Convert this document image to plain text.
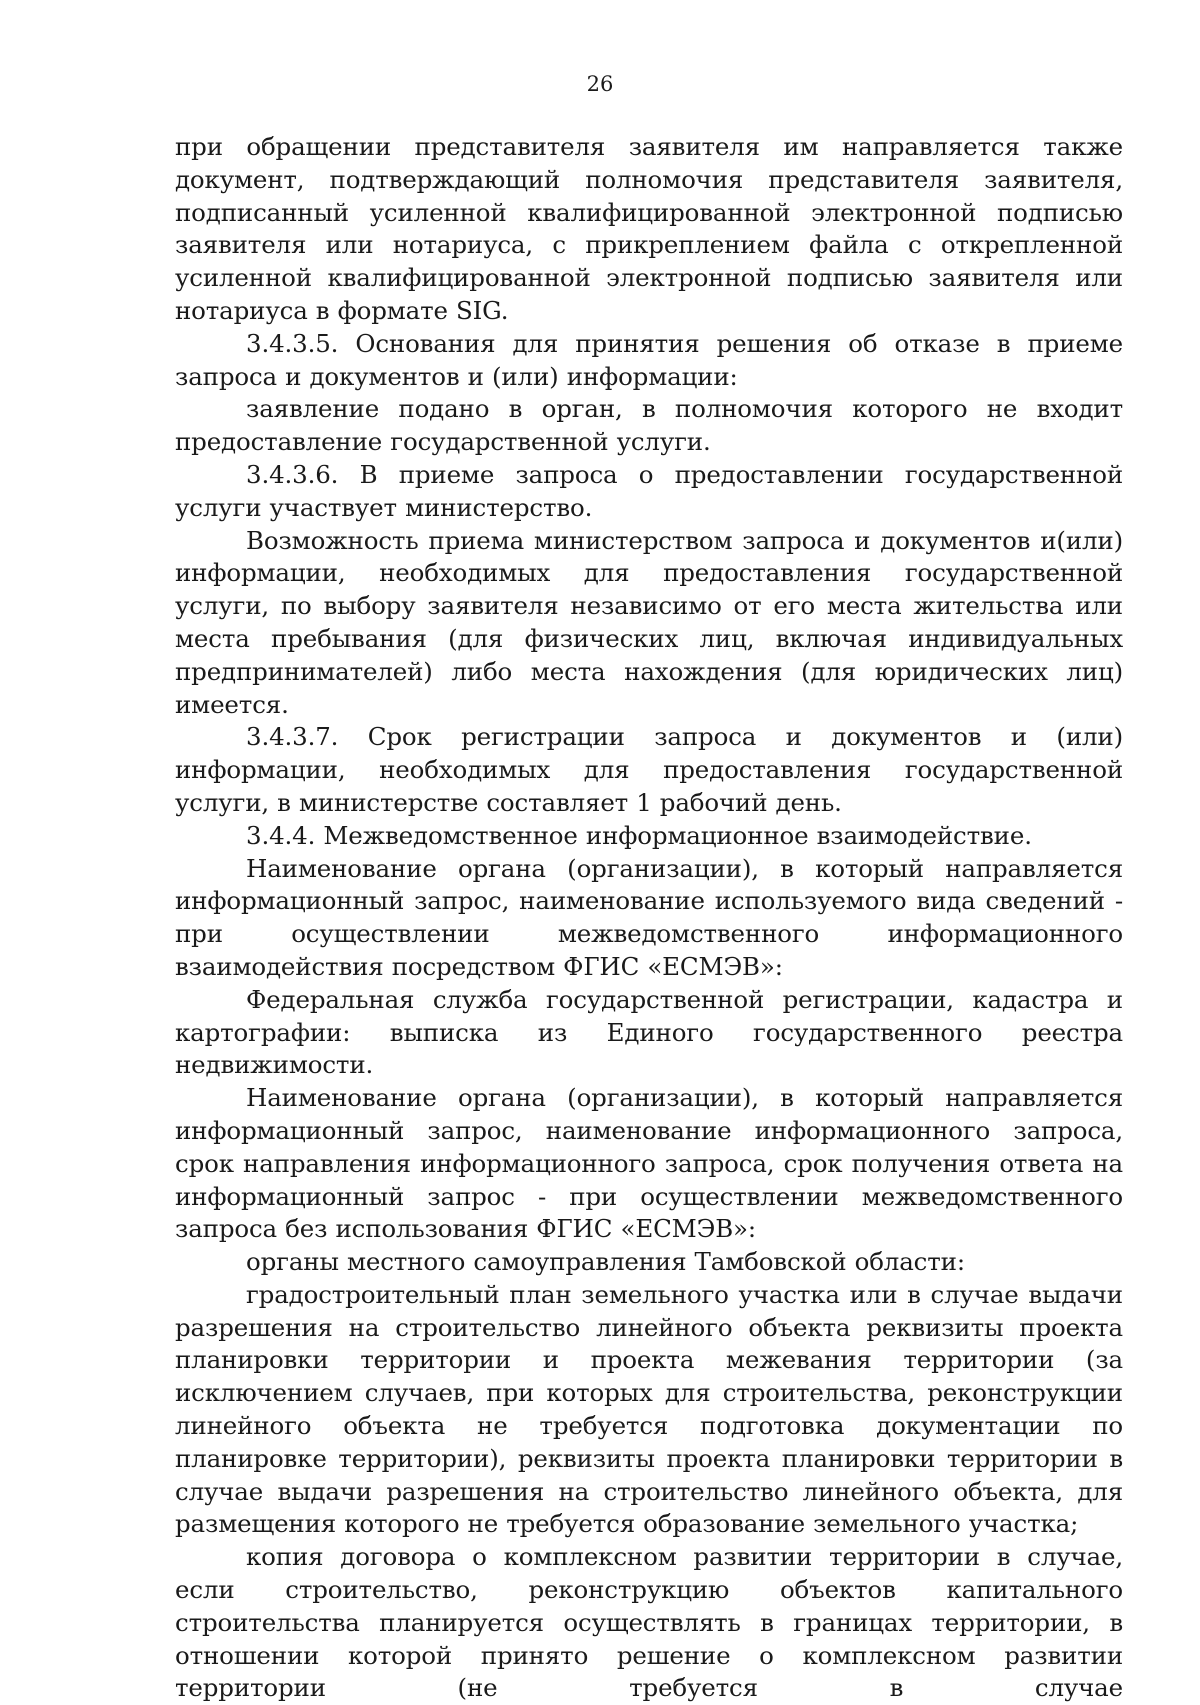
26

при обращении представителя заявителя им направляется также документ, подтверждающий полномочия представителя заявителя, подписанный усиленной квалифицированной электронной подписью заявителя или нотариуса, с прикреплением файла с открепленной усиленной квалифицированной электронной подписью заявителя или нотариуса в формате SIG.

3.4.3.5. Основания для принятия решения об отказе в приеме запроса и документов и (или) информации:

заявление подано в орган, в полномочия которого не входит предоставление государственной услуги.

3.4.3.6. В приеме запроса о предоставлении государственной услуги участвует министерство.

Возможность приема министерством запроса и документов и(или) информации, необходимых для предоставления государственной услуги, по выбору заявителя независимо от его места жительства или места пребывания (для физических лиц, включая индивидуальных предпринимателей) либо места нахождения (для юридических лиц) имеется.

3.4.3.7. Срок регистрации запроса и документов и (или) информации, необходимых для предоставления государственной услуги, в министерстве составляет 1 рабочий день.

3.4.4. Межведомственное информационное взаимодействие.

Наименование органа (организации), в который направляется информационный запрос, наименование используемого вида сведений - при осуществлении межведомственного информационного взаимодействия посредством ФГИС «ЕСМЭВ»:

Федеральная служба государственной регистрации, кадастра и картографии: выписка из Единого государственного реестра недвижимости.

Наименование органа (организации), в который направляется информационный запрос, наименование информационного запроса, срок направления информационного запроса, срок получения ответа на информационный запрос - при осуществлении межведомственного запроса без использования ФГИС «ЕСМЭВ»:

органы местного самоуправления Тамбовской области:

градостроительный план земельного участка или в случае выдачи разрешения на строительство линейного объекта реквизиты проекта планировки территории и проекта межевания территории (за исключением случаев, при которых для строительства, реконструкции линейного объекта не требуется подготовка документации по планировке территории), реквизиты проекта планировки территории в случае выдачи разрешения на строительство линейного объекта, для размещения которого не требуется образование земельного участка;

копия договора о комплексном развитии территории в случае, если строительство, реконструкцию объектов капитального строительства планируется осуществлять в границах территории, в отношении которой принято решение о комплексном развитии территории (не требуется в случае
